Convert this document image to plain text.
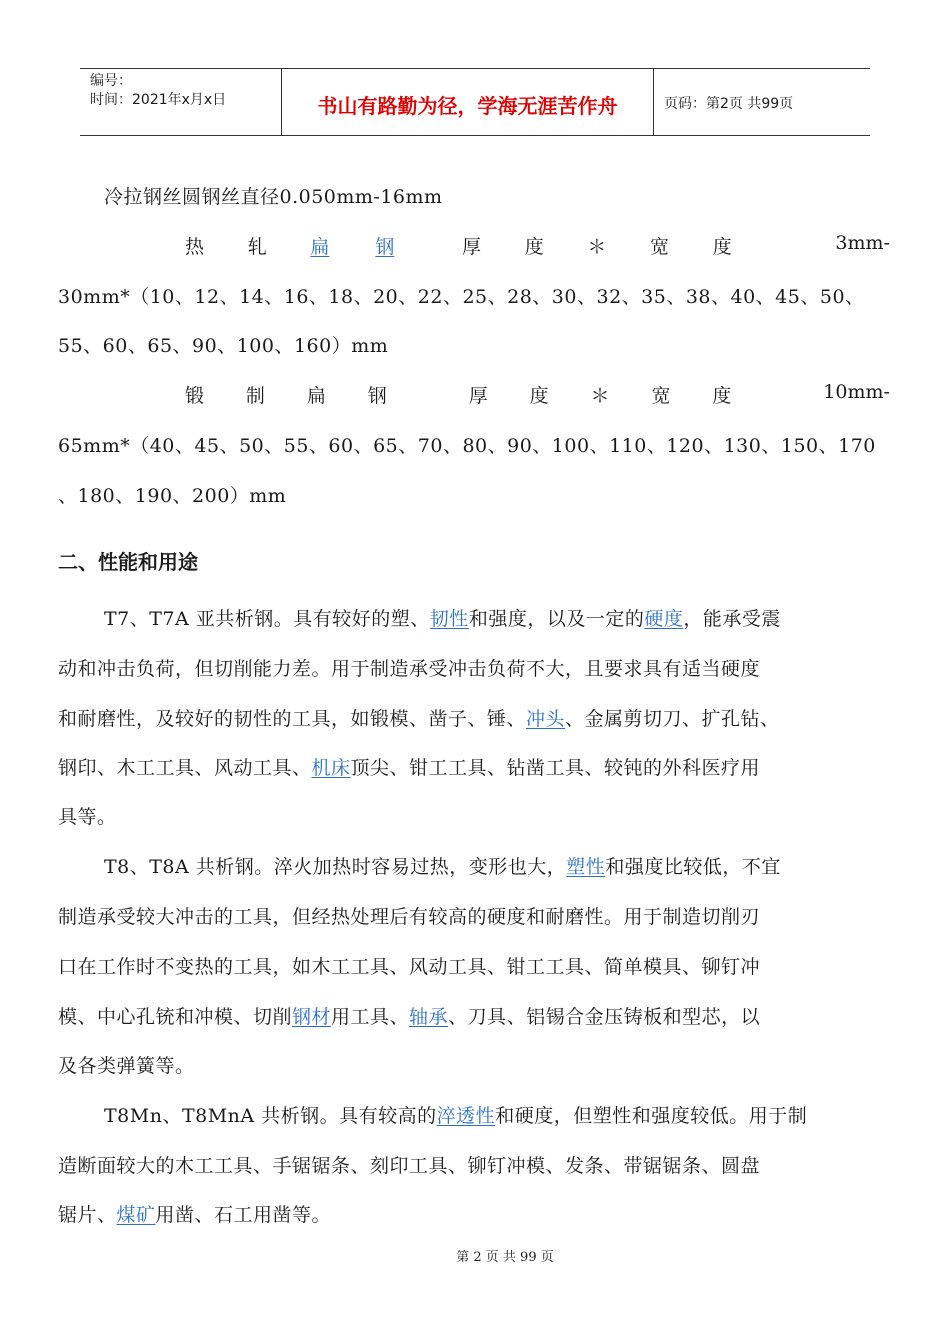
编号：
时间：2021年x月x日	书山有路勤为径，学海无涯苦作舟	页码：第2页 共99页
冷拉钢丝圆钢丝直径0.050mm-16mm
热 轧 扁 钢	厚 度 ＊ 宽 度	3mm-
30mm*（10、12、14、16、18、20、22、25、28、30、32、35、38、40、45、50、
55、60、65、90、100、160）mm
锻 制 扁 钢	厚 度 ＊ 宽 度	10mm-
65mm*（40、45、50、55、60、65、70、80、90、100、110、120、130、150、170
、180、190、200）mm
二、性能和用途
T7、T7A 亚共析钢。具有较好的塑、韧性和强度，以及一定的硬度，能承受震
动和冲击负荷，但切削能力差。用于制造承受冲击负荷不大，且要求具有适当硬度
和耐磨性，及较好的韧性的工具，如锻模、凿子、锤、冲头、金属剪切刀、扩孔钻、
钢印、木工工具、风动工具、机床顶尖、钳工工具、钻凿工具、较钝的外科医疗用
具等。
T8、T8A 共析钢。淬火加热时容易过热，变形也大，塑性和强度比较低，不宜
制造承受较大冲击的工具，但经热处理后有较高的硬度和耐磨性。用于制造切削刃
口在工作时不变热的工具，如木工工具、风动工具、钳工工具、简单模具、铆钉冲
模、中心孔铳和冲模、切削钢材用工具、轴承、刀具、铝锡合金压铸板和型芯，以
及各类弹簧等。
T8Mn、T8MnA 共析钢。具有较高的淬透性和硬度，但塑性和强度较低。用于制
造断面较大的木工工具、手锯锯条、刻印工具、铆钉冲模、发条、带锯锯条、圆盘
锯片、煤矿用凿、石工用凿等。
第 2 页 共 99 页
